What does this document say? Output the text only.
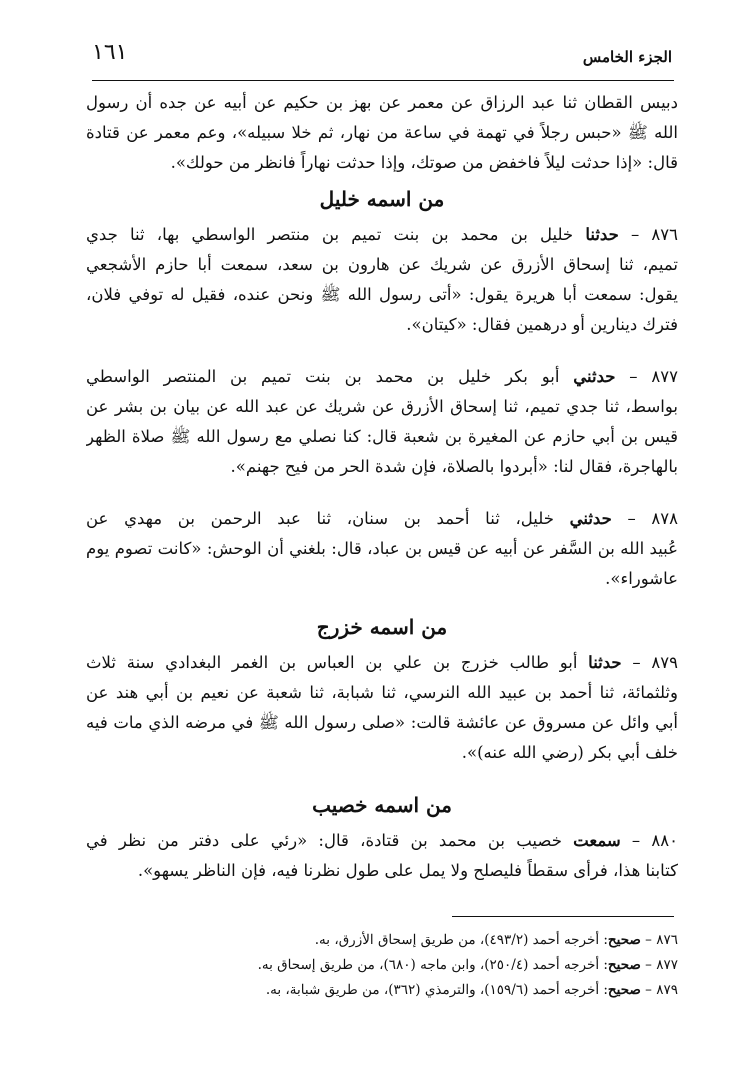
١٦١	الجزء الخامس

دبيس القطان ثنا عبد الرزاق عن معمر عن بهز بن حكيم عن أبيه عن جده أن رسول
الله ﷺ «حبس رجلاً في تهمة في ساعة من نهار، ثم خلا سبيله»، وعم معمر عن قتادة
قال: «إذا حدثت ليلاً فاخفض من صوتك، وإذا حدثت نهاراً فانظر من حولك».

من اسمه خليل

٨٧٦ – حدثنا خليل بن محمد بن بنت تميم بن منتصر الواسطي بها، ثنا جدي
تميم، ثنا إسحاق الأزرق عن شريك عن هارون بن سعد، سمعت أبا حازم الأشجعي
يقول: سمعت أبا هريرة يقول: «أتى رسول الله ﷺ ونحن عنده، فقيل له توفي فلان،
فترك دينارين أو درهمين فقال: «كيتان».

٨٧٧ – حدثني أبو بكر خليل بن محمد بن بنت تميم بن المنتصر الواسطي
بواسط، ثنا جدي تميم، ثنا إسحاق الأزرق عن شريك عن عبد الله عن بيان بن بشر عن
قيس بن أبي حازم عن المغيرة بن شعبة قال: كنا نصلي مع رسول الله ﷺ صلاة الظهر
بالهاجرة، فقال لنا: «أبردوا بالصلاة، فإن شدة الحر من فيح جهنم».

٨٧٨ – حدثني خليل، ثنا أحمد بن سنان، ثنا عبد الرحمن بن مهدي عن
عُبيد الله بن السَّفر عن أبيه عن قيس بن عباد، قال: بلغني أن الوحش: «كانت تصوم يوم
عاشوراء».

من اسمه خزرج

٨٧٩ – حدثنا أبو طالب خزرج بن علي بن العباس بن الغمر البغدادي سنة ثلاث
وثلثمائة، ثنا أحمد بن عبيد الله النرسي، ثنا شبابة، ثنا شعبة عن نعيم بن أبي هند عن
أبي وائل عن مسروق عن عائشة قالت: «صلى رسول الله ﷺ في مرضه الذي مات فيه
خلف أبي بكر (رضي الله عنه)».

من اسمه خصيب

٨٨٠ – سمعت خصيب بن محمد بن قتادة، قال: «رئي على دفتر من نظر في
كتابنا هذا، فرأى سقطاً فليصلح ولا يمل على طول نظرنا فيه، فإن الناظر يسهو».

٨٧٦ – صحيح: أخرجه أحمد (٤٩٣/٢)، من طريق إسحاق الأزرق، به.

٨٧٧ – صحيح: أخرجه أحمد (٢٥٠/٤)، وابن ماجه (٦٨٠)، من طريق إسحاق به.

٨٧٩ – صحيح: أخرجه أحمد (١٥٩/٦)، والترمذي (٣٦٢)، من طريق شبابة، به.
